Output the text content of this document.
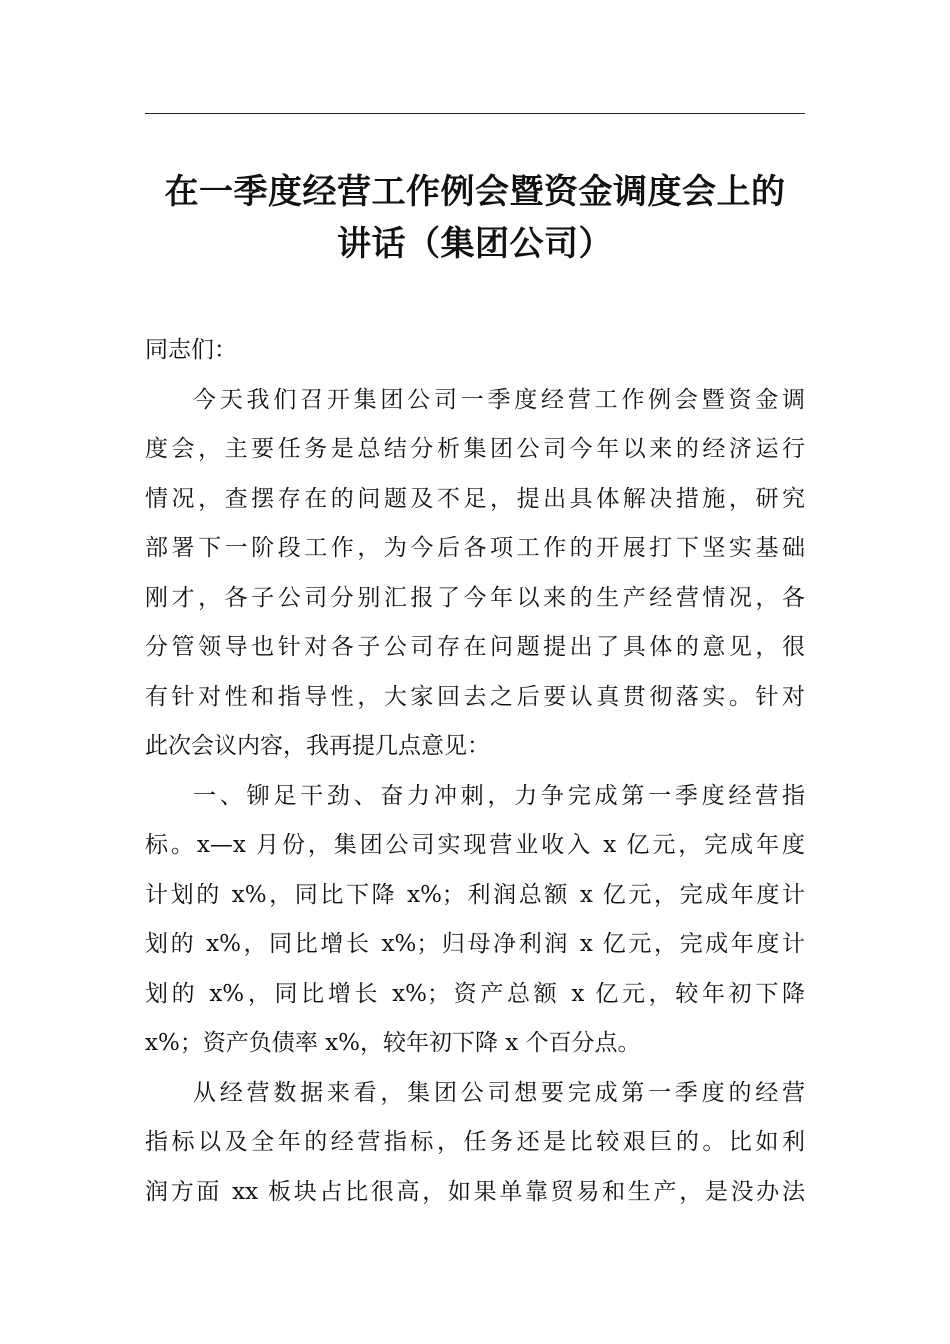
在一季度经营工作例会暨资金调度会上的
讲话（集团公司）
同志们：
今天我们召开集团公司一季度经营工作例会暨资金调
度会，主要任务是总结分析集团公司今年以来的经济运行
情况，查摆存在的问题及不足，提出具体解决措施，研究
部署下一阶段工作，为今后各项工作的开展打下坚实基础
刚才，各子公司分别汇报了今年以来的生产经营情况，各
分管领导也针对各子公司存在问题提出了具体的意见，很
有针对性和指导性，大家回去之后要认真贯彻落实。针对
此次会议内容，我再提几点意见：
一、铆足干劲、奋力冲刺，力争完成第一季度经营指
标。x—x 月份，集团公司实现营业收入 x 亿元，完成年度
计划的 x%，同比下降 x%；利润总额 x 亿元，完成年度计
划的 x%，同比增长 x%；归母净利润 x 亿元，完成年度计
划的 x%，同比增长 x%；资产总额 x 亿元，较年初下降
x%；资产负债率 x%，较年初下降 x 个百分点。
从经营数据来看，集团公司想要完成第一季度的经营
指标以及全年的经营指标，任务还是比较艰巨的。比如利
润方面 xx 板块占比很高，如果单靠贸易和生产，是没办法
